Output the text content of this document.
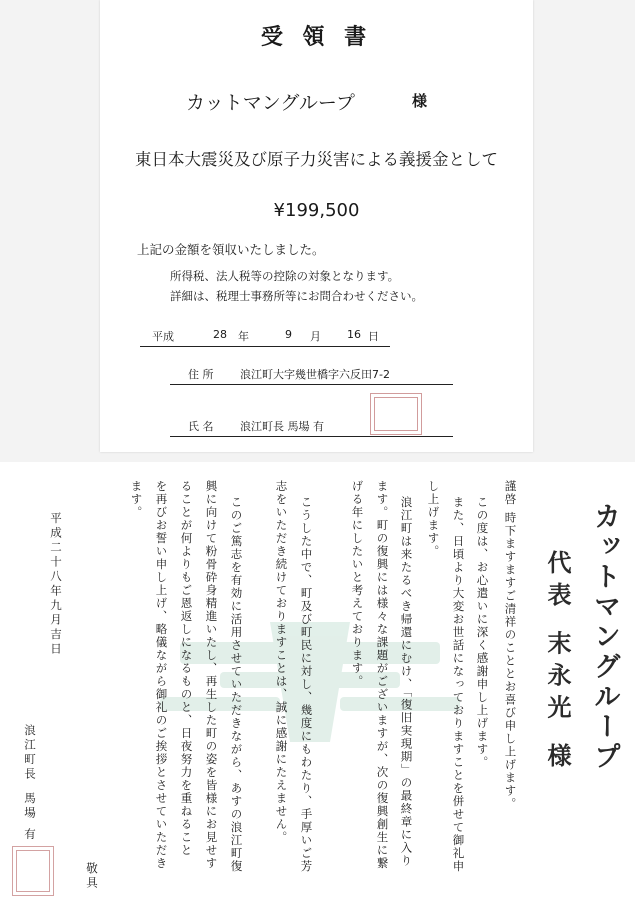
受 領 書
カットマングループ	様
東日本大震災及び原子力災害による義援金として
¥199,500
上記の金額を領収いたしました。
所得税、法人税等の控除の対象となります。
詳細は、税理士事務所等にお問合わせください。
平成	28 年	9 月 16 日
住 所 浪江町大字幾世橋字六反田7-2
氏 名 浪江町長 馬場 有
カットマングループ
代表 末永光 様
謹啓 時下ますますご清祥のこととお喜び申し上げます。
この度は、お心遣いに深く感謝申し上げます。
また、日頃より大変お世話になっておりますことを併せて御礼申
し上げます。
浪江町は来たるべき帰還にむけ、「復旧実現期」の最終章に入り
ます。町の復興には様々な課題がございますが、次の復興創生に繋
げる年にしたいと考えております。
こうした中で、町及び町民に対し、幾度にもわたり、手厚いご芳
志をいただき続けておりますことは、誠に感謝にたえません。
このご篤志を有効に活用させていただきながら、あすの浪江町復
興に向けて粉骨砕身精進いたし、再生した町の姿を皆様にお見せす
ることが何よりもご恩返しになるものと、日夜努力を重ねること
を再びお誓い申し上げ、略儀ながら御礼のご挨拶とさせていただき
ます。
敬具
平成二十八年九月吉日
浪江町長
馬場 有
